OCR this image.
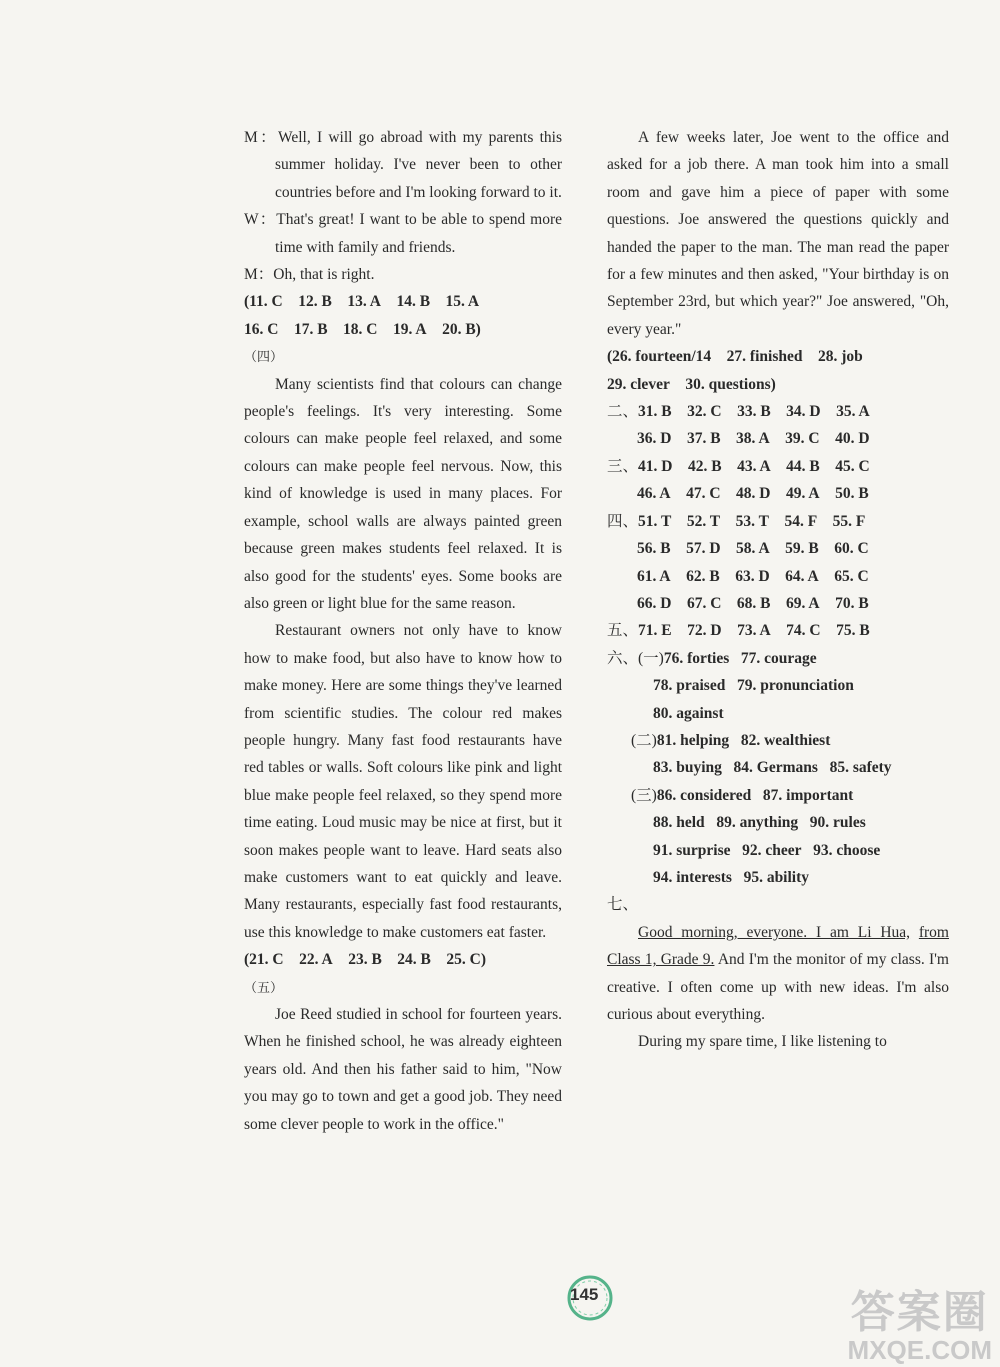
M：Well, I will go abroad with my parents this summer holiday. I've never been to other countries before and I'm looking forward to it.

W：That's great! I want to be able to spend more time with family and friends.

M：Oh, that is right.

(11. C 12. B 13. A 14. B 15. A

16. C 17. B 18. C 19. A 20. B)

（四）

Many scientists find that colours can change people's feelings. It's very interesting. Some colours can make people feel relaxed, and some colours can make people feel nervous. Now, this kind of knowledge is used in many places. For example, school walls are always painted green because green makes students feel relaxed. It is also good for the students' eyes. Some books are also green or light blue for the same reason.

Restaurant owners not only have to know how to make food, but also have to know how to make money. Here are some things they've learned from scientific studies. The colour red makes people hungry. Many fast food restaurants have red tables or walls. Soft colours like pink and light blue make people feel relaxed, so they spend more time eating. Loud music may be nice at first, but it soon makes people want to leave. Hard seats also make customers want to eat quickly and leave. Many restaurants, especially fast food restaurants, use this knowledge to make customers eat faster.

(21. C 22. A 23. B 24. B 25. C)

（五）

Joe Reed studied in school for fourteen years. When he finished school, he was already eighteen years old. And then his father said to him, "Now you may go to town and get a good job. They need some clever people to work in the office."

A few weeks later, Joe went to the office and asked for a job there. A man took him into a small room and gave him a piece of paper with some questions. Joe answered the questions quickly and handed the paper to the man. The man read the paper for a few minutes and then asked, "Your birthday is on September 23rd, but which year?" Joe answered, "Oh, every year."

(26. fourteen/14 27. finished 28. job

29. clever 30. questions)

二、31. B 32. C 33. B 34. D 35. A

36. D 37. B 38. A 39. C 40. D

三、41. D 42. B 43. A 44. B 45. C

46. A 47. C 48. D 49. A 50. B

四、51. T 52. T 53. T 54. F 55. F

56. B 57. D 58. A 59. B 60. C

61. A 62. B 63. D 64. A 65. C

66. D 67. C 68. B 69. A 70. B

五、71. E 72. D 73. A 74. C 75. B

六、(一)76. forties 77. courage

78. praised 79. pronunciation

80. against

(二)81. helping 82. wealthiest

83. buying 84. Germans 85. safety

(三)86. considered 87. important

88. held 89. anything 90. rules

91. surprise 92. cheer 93. choose

94. interests 95. ability

七、

Good morning, everyone. I am Li Hua, from Class 1, Grade 9. And I'm the monitor of my class. I'm creative. I often come up with new ideas. I'm also curious about everything.

During my spare time, I like listening to

145	答案圈
MXQE.COM
